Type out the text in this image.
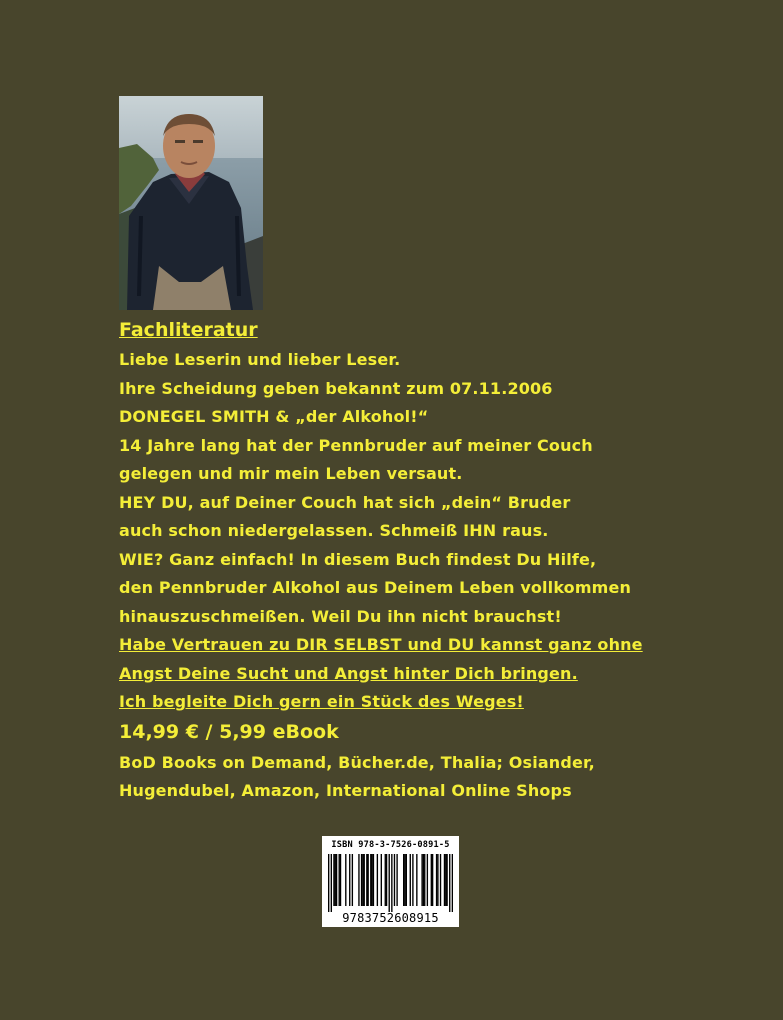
Fachliteratur
Liebe Leserin und lieber Leser.
Ihre Scheidung geben bekannt zum 07.11.2006
DONEGEL SMITH & „der Alkohol!“
14 Jahre lang hat der Pennbruder auf meiner Couch
gelegen und mir mein Leben versaut.
HEY DU, auf Deiner Couch hat sich „dein“ Bruder
auch schon niedergelassen. Schmeiß IHN raus.
WIE? Ganz einfach! In diesem Buch findest Du Hilfe,
den Pennbruder Alkohol aus Deinem Leben vollkommen
hinauszuschmeißen. Weil Du ihn nicht brauchst!
Habe Vertrauen zu DIR SELBST und DU kannst ganz ohne
Angst Deine Sucht und Angst hinter Dich bringen.
Ich begleite Dich gern ein Stück des Weges!
14,99 € / 5,99 eBook
BoD Books on Demand, Bücher.de, Thalia; Osiander,
Hugendubel, Amazon, International Online Shops
ISBN 978-3-7526-0891-5
9783752608915
